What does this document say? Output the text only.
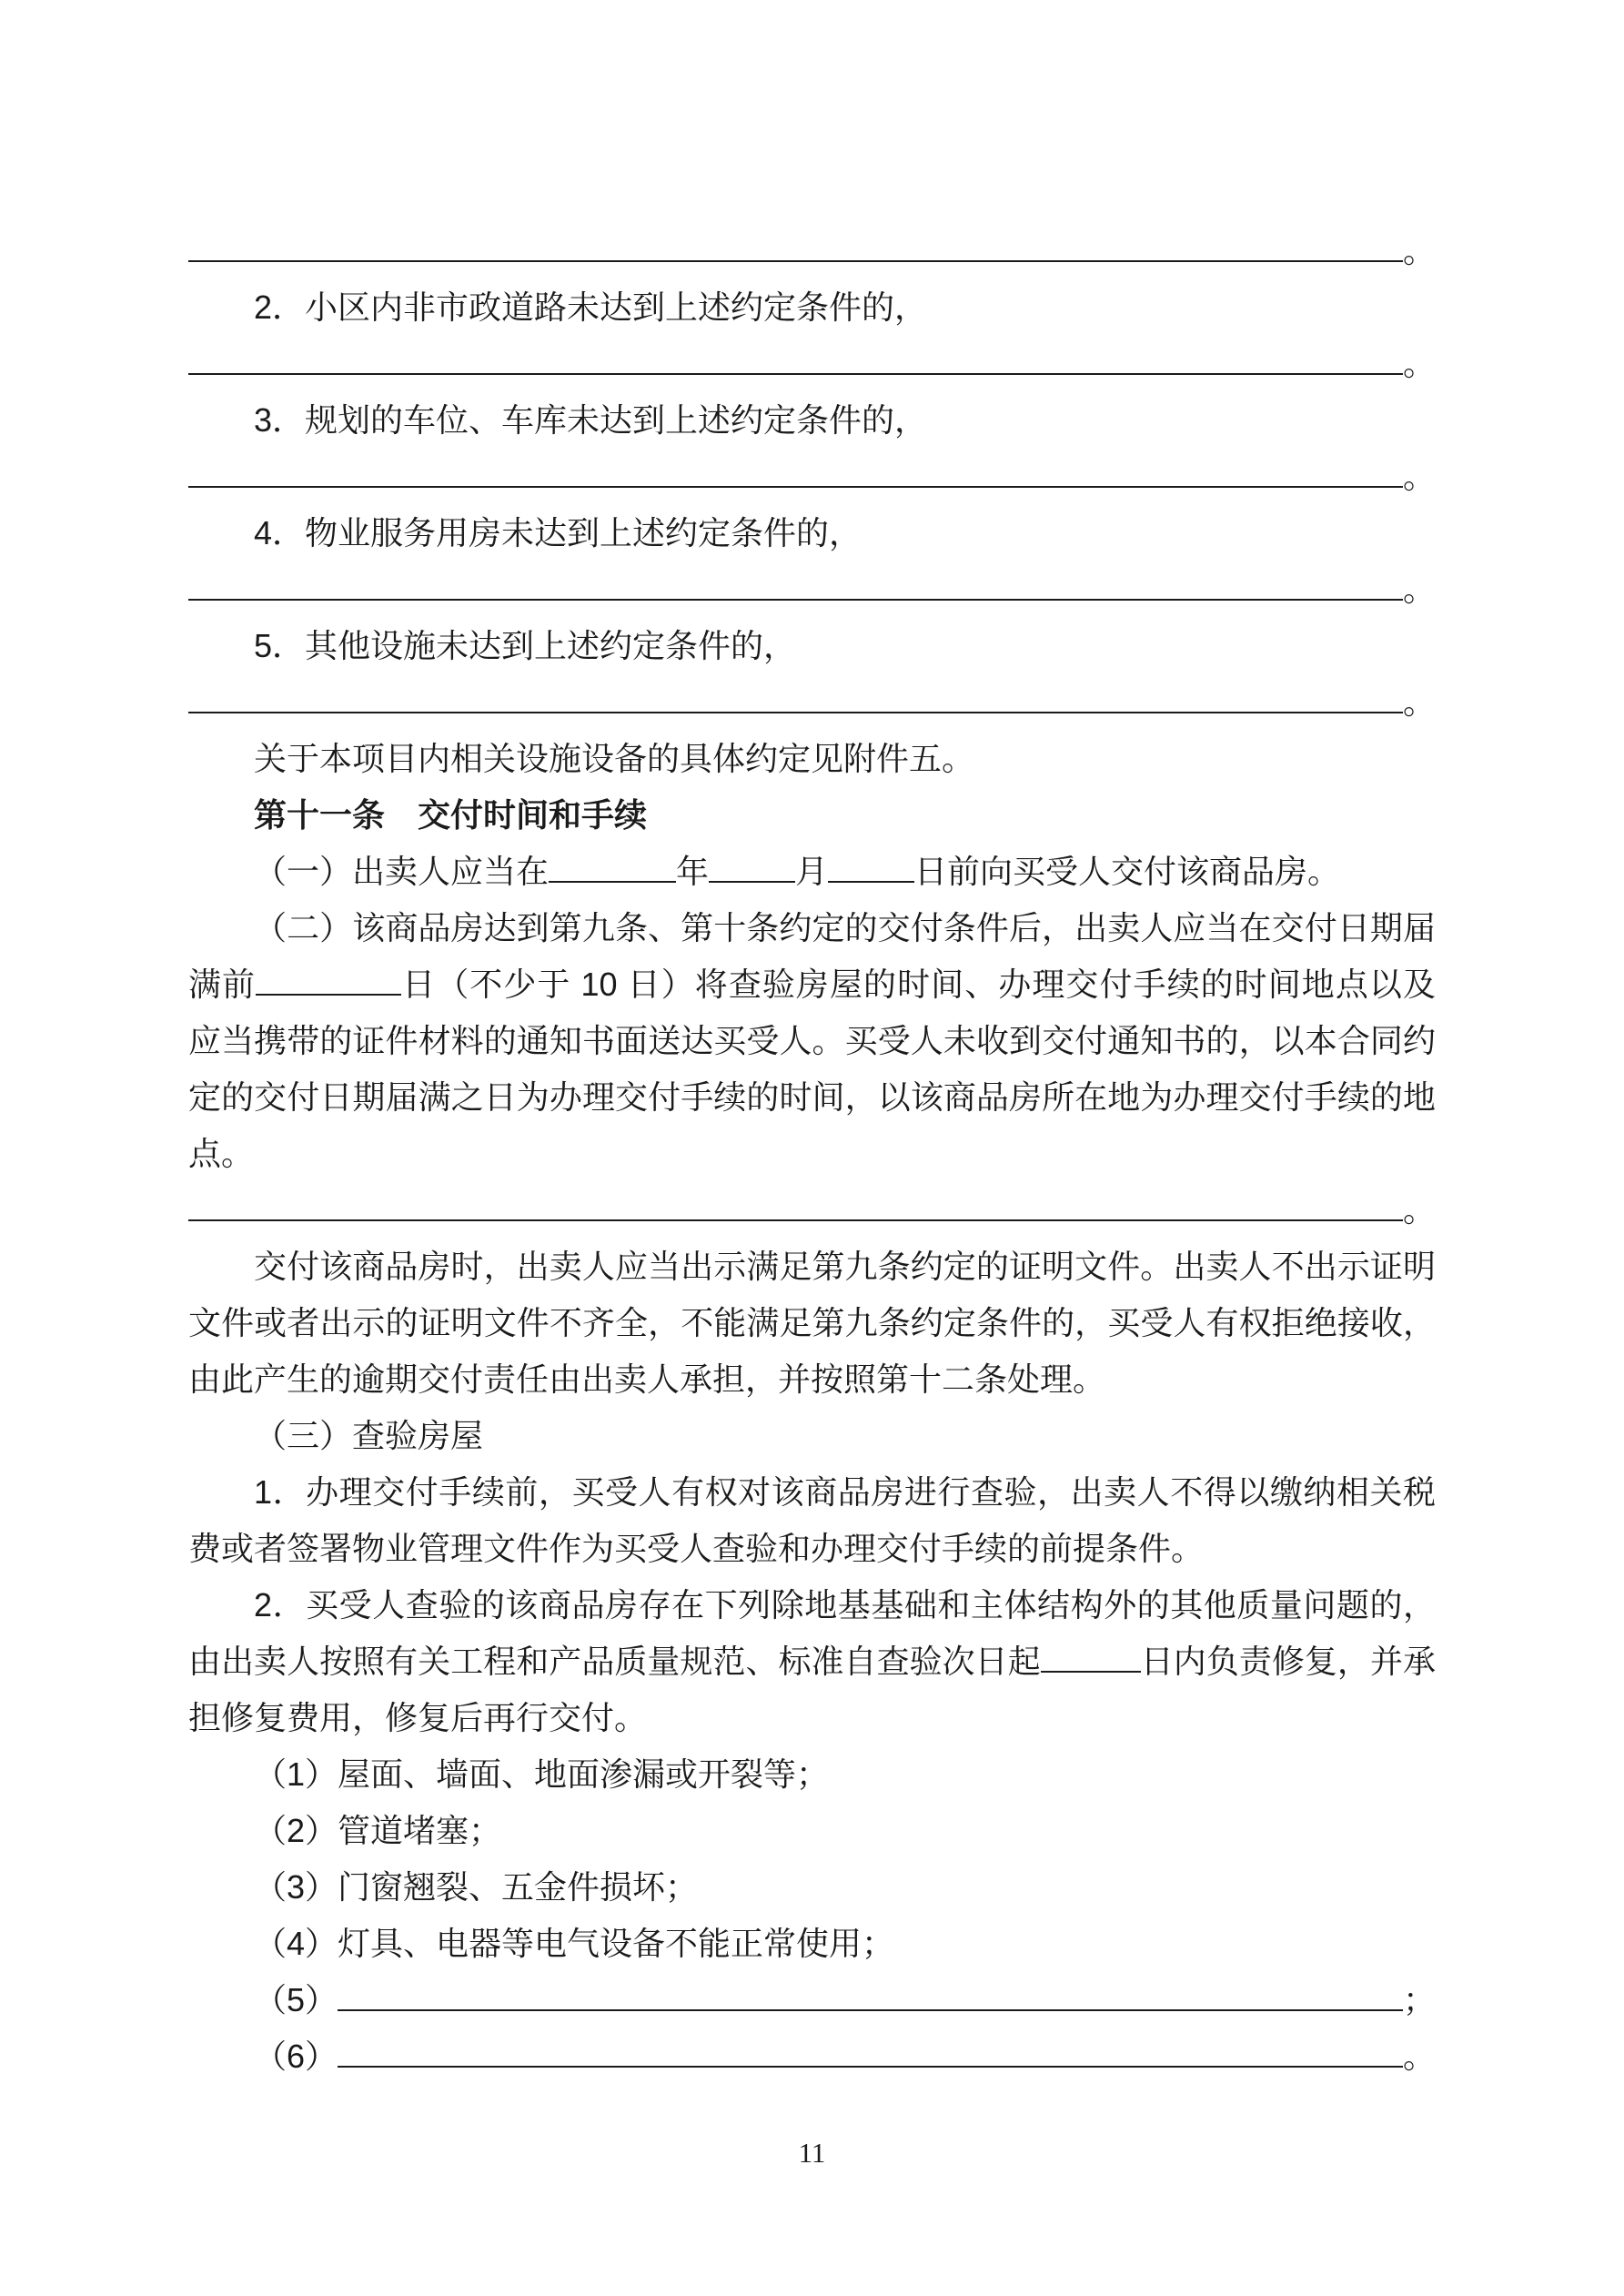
。

2．小区内非市政道路未达到上述约定条件的，

。

3．规划的车位、车库未达到上述约定条件的，

。

4．物业服务用房未达到上述约定条件的，

。

5．其他设施未达到上述约定条件的，

。

关于本项目内相关设施设备的具体约定见附件五。

第十一条　交付时间和手续

（一）出卖人应当在	年	月	日前向买受人交付该商品房。

（二）该商品房达到第九条、第十条约定的交付条件后，出卖人应当在交付日期届满前	日（不少于 10 日）将查验房屋的时间、办理交付手续的时间地点以及应当携带的证件材料的通知书面送达买受人。买受人未收到交付通知书的，以本合同约定的交付日期届满之日为办理交付手续的时间，以该商品房所在地为办理交付手续的地点。

。

交付该商品房时，出卖人应当出示满足第九条约定的证明文件。出卖人不出示证明文件或者出示的证明文件不齐全，不能满足第九条约定条件的，买受人有权拒绝接收，由此产生的逾期交付责任由出卖人承担，并按照第十二条处理。

（三）查验房屋

1．办理交付手续前，买受人有权对该商品房进行查验，出卖人不得以缴纳相关税费或者签署物业管理文件作为买受人查验和办理交付手续的前提条件。

2．买受人查验的该商品房存在下列除地基基础和主体结构外的其他质量问题的，由出卖人按照有关工程和产品质量规范、标准自查验次日起	日内负责修复，并承担修复费用，修复后再行交付。

（1）屋面、墙面、地面渗漏或开裂等；

（2）管道堵塞；

（3）门窗翘裂、五金件损坏；

（4）灯具、电器等电气设备不能正常使用；

（5）	；

（6）	。

11
